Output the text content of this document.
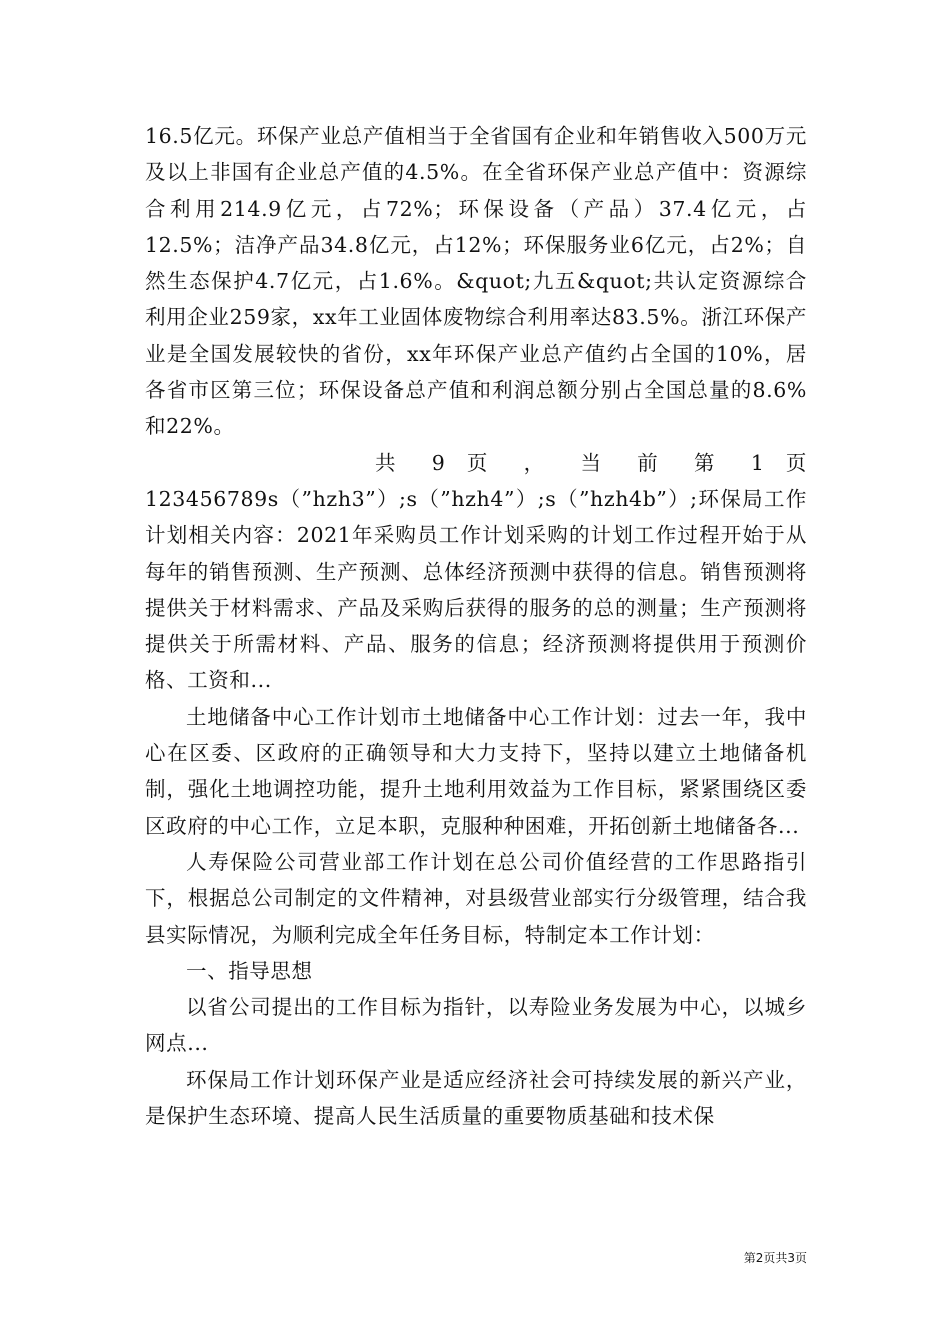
16.5亿元。环保产业总产值相当于全省国有企业和年销售收入500万元及以上非国有企业总产值的4.5%。在全省环保产业总产值中：资源综合利用214.9亿元，占72%；环保设备（产品）37.4亿元，占12.5%；洁净产品34.8亿元，占12%；环保服务业6亿元，占2%；自然生态保护4.7亿元，占1.6%。&quot;九五&quot;共认定资源综合利用企业259家，xx年工业固体废物综合利用率达83.5%。浙江环保产业是全国发展较快的省份，xx年环保产业总产值约占全国的10%，居各省市区第三位；环保设备总产值和利润总额分别占全国总量的8.6%和22%。

共 9 页 ， 当 前 第 1 页

123456789s（”hzh3”）;s（”hzh4”）;s（”hzh4b”）;环保局工作计划相关内容：2021年采购员工作计划采购的计划工作过程开始于从每年的销售预测、生产预测、总体经济预测中获得的信息。销售预测将提供关于材料需求、产品及采购后获得的服务的总的测量；生产预测将提供关于所需材料、产品、服务的信息；经济预测将提供用于预测价格、工资和...

土地储备中心工作计划市土地储备中心工作计划：过去一年，我中心在区委、区政府的正确领导和大力支持下，坚持以建立土地储备机制，强化土地调控功能，提升土地利用效益为工作目标，紧紧围绕区委区政府的中心工作，立足本职，克服种种困难，开拓创新土地储备各...

人寿保险公司营业部工作计划在总公司价值经营的工作思路指引下，根据总公司制定的文件精神，对县级营业部实行分级管理，结合我县实际情况，为顺利完成全年任务目标，特制定本工作计划：

一、指导思想

以省公司提出的工作目标为指针，以寿险业务发展为中心，以城乡网点...

环保局工作计划环保产业是适应经济社会可持续发展的新兴产业，是保护生态环境、提高人民生活质量的重要物质基础和技术保

第2页共3页
